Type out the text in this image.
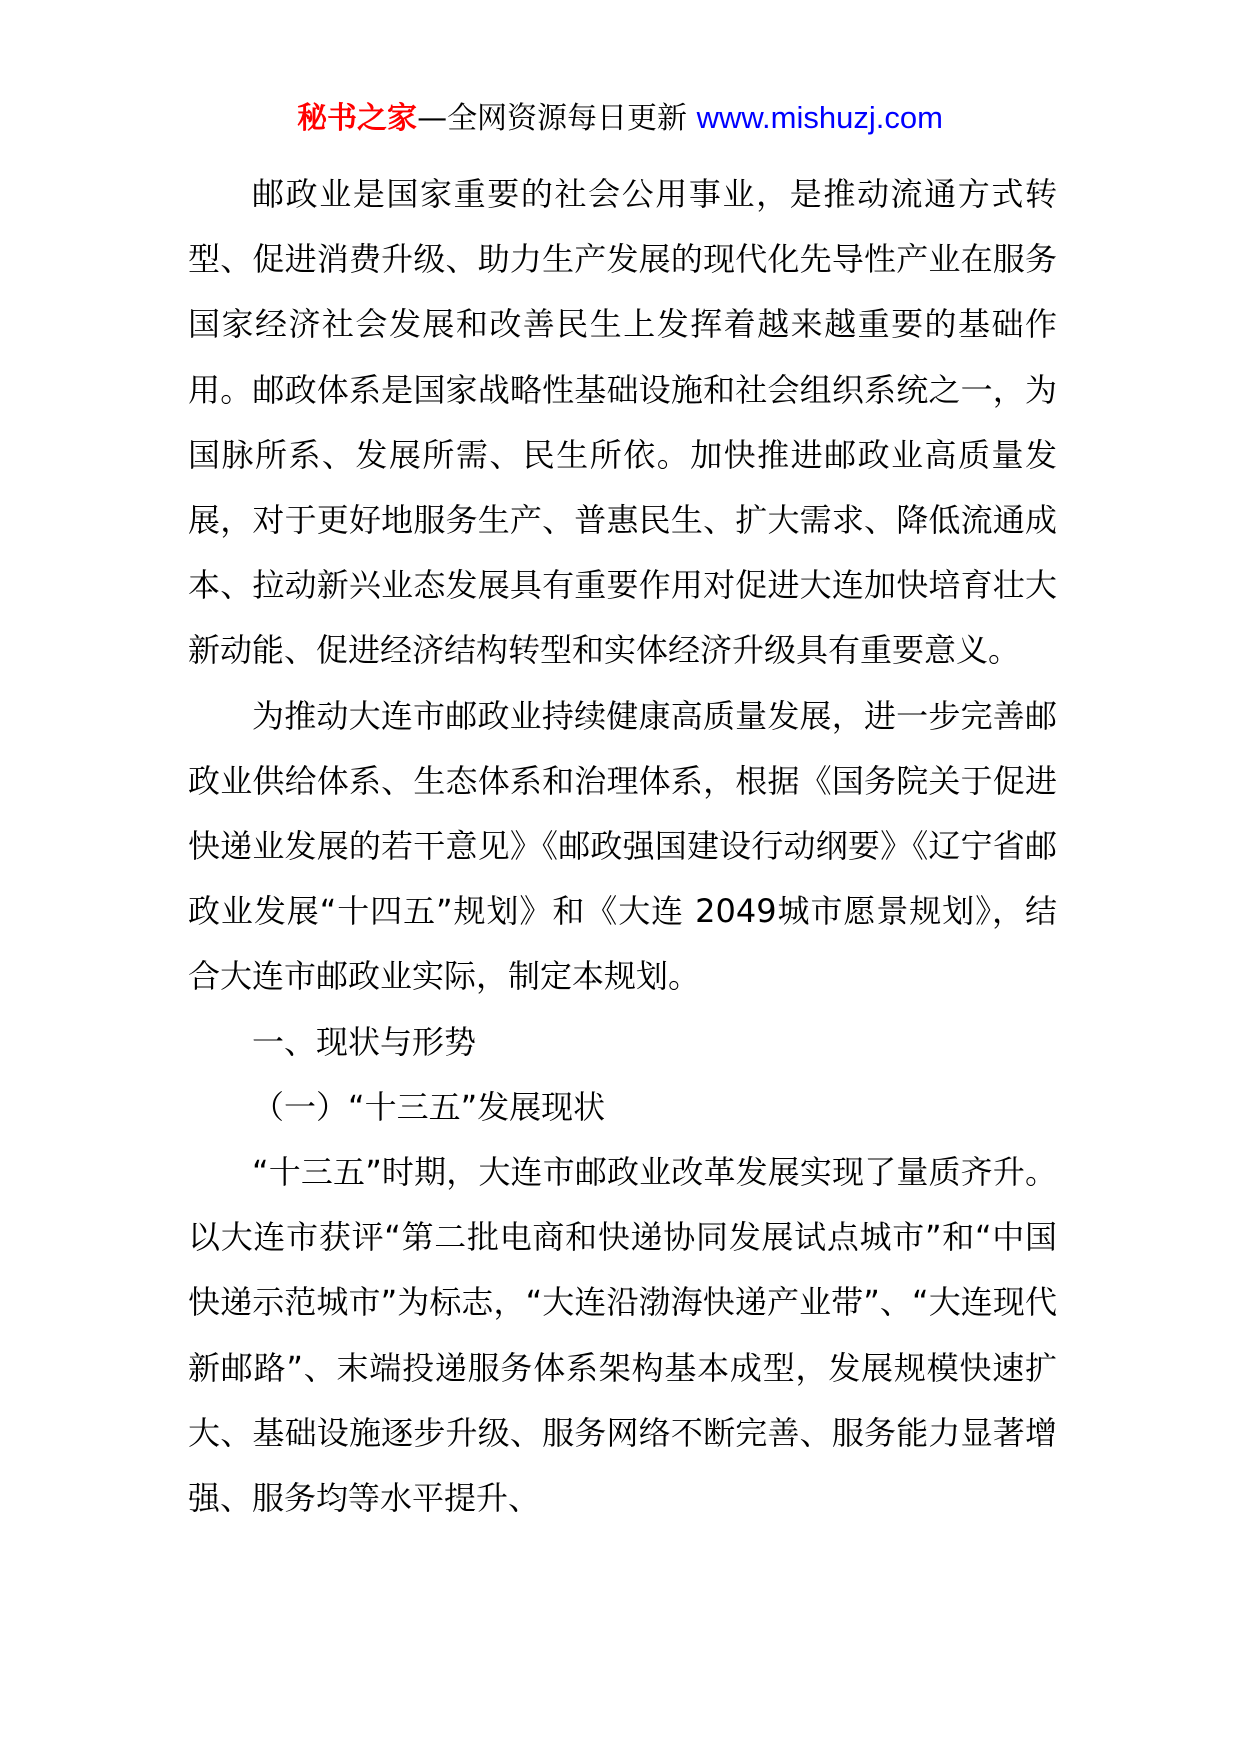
秘书之家—全网资源每日更新 www.mishuzj.com

邮政业是国家重要的社会公用事业，是推动流通方式转型、促进消费升级、助力生产发展的现代化先导性产业在服务国家经济社会发展和改善民生上发挥着越来越重要的基础作用。邮政体系是国家战略性基础设施和社会组织系统之一，为国脉所系、发展所需、民生所依。加快推进邮政业高质量发展，对于更好地服务生产、普惠民生、扩大需求、降低流通成本、拉动新兴业态发展具有重要作用对促进大连加快培育壮大新动能、促进经济结构转型和实体经济升级具有重要意义。

为推动大连市邮政业持续健康高质量发展，进一步完善邮政业供给体系、生态体系和治理体系，根据《国务院关于促进快递业发展的若干意见》《邮政强国建设行动纲要》《辽宁省邮政业发展“十四五”规划》和《大连 2049城市愿景规划》，结合大连市邮政业实际，制定本规划。

一、现状与形势

（一）“十三五”发展现状

“十三五”时期，大连市邮政业改革发展实现了量质齐升。以大连市获评“第二批电商和快递协同发展试点城市”和“中国快递示范城市”为标志，“大连沿渤海快递产业带”、“大连现代新邮路”、末端投递服务体系架构基本成型，发展规模快速扩大、基础设施逐步升级、服务网络不断完善、服务能力显著增强、服务均等水平提升、
